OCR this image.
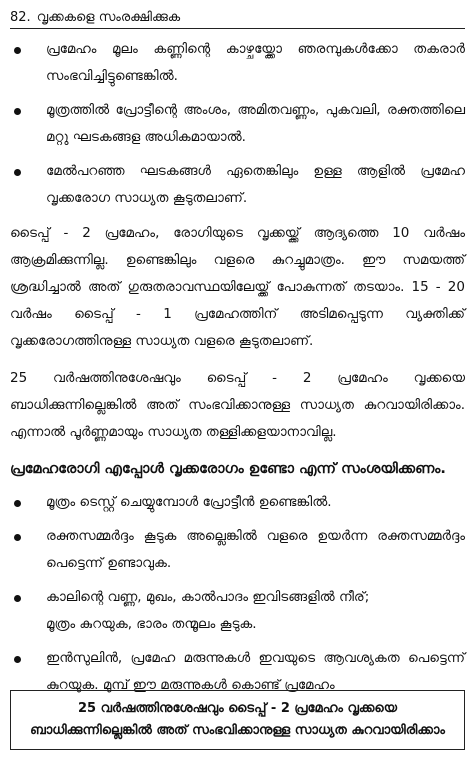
82. വൃക്കകളെ സംരക്ഷിക്കുക
പ്രമേഹം മൂലം കണ്ണിന്റെ കാഴ്ചയ്ക്കോ ഞരമ്പുകൾക്കോ തകരാർ സംഭവിച്ചിട്ടുണ്ടെങ്കിൽ.
മൂത്രത്തിൽ പ്രോട്ടീന്റെ അംശം, അമിതവണ്ണം, പുകവലി, രക്തത്തിലെ മറ്റു ഘടകങ്ങള അധികമായാൽ.
മേൽപറഞ്ഞ ഘടകങ്ങൾ ഏതെങ്കിലും ഉള്ള ആളിൽ പ്രമേഹ വൃക്കരോഗ സാധ്യത കൂടുതലാണ്.

ടൈപ്പ് - 2 പ്രമേഹം, രോഗിയുടെ വൃക്കയ്ക്ക് ആദ്യത്തെ 10 വർഷം ആക്രമിക്കുന്നില്ല. ഉണ്ടെങ്കിലും വളരെ കുറച്ചുമാത്രം. ഈ സമയത്ത് ശ്രദ്ധിച്ചാൽ അത് ഗുരുതരാവസ്ഥയിലേയ്ക്ക് പോകുന്നത് തടയാം. 15 - 20 വർഷം ടൈപ്പ് - 1 പ്രമേഹത്തിന് അടിമപ്പെടുന്ന വ്യക്തിക്ക് വൃക്കരോഗത്തിനുള്ള സാധ്യത വളരെ കൂടുതലാണ്.

25 വർഷത്തിനുശേഷവും ടൈപ്പ് - 2 പ്രമേഹം വൃക്കയെ ബാധിക്കുന്നില്ലെങ്കിൽ അത് സംഭവിക്കാനുള്ള സാധ്യത കുറവായിരിക്കാം. എന്നാൽ പൂർണ്ണമായും സാധ്യത തള്ളിക്കളയാനാവില്ല.

പ്രമേഹരോഗി എപ്പോൾ വൃക്കരോഗം ഉണ്ടോ എന്ന് സംശയിക്കണം.
മൂത്രം ടെസ്റ്റ് ചെയ്യുമ്പോൾ പ്രോട്ടീൻ ഉണ്ടെങ്കിൽ.
രക്തസമ്മർദ്ദം കൂടുക അല്ലെങ്കിൽ വളരെ ഉയർന്ന രക്തസമ്മർദ്ദം പെട്ടെന്ന് ഉണ്ടാവുക.
കാലിന്റെ വണ്ണ, മുഖം, കാൽപാദം ഇവിടങ്ങളിൽ നീര്;
മൂത്രം കുറയുക, ഭാരം തന്മൂലം കൂടുക.
ഇൻസുലിൻ, പ്രമേഹ മരുന്നുകൾ ഇവയുടെ ആവശ്യകത പെട്ടെന്ന് കുറയുക. മുമ്പ് ഈ മരുന്നുകൾ കൊണ്ട് പ്രമേഹം
25 വർഷത്തിനുശേഷവും ടൈപ്പ് - 2 പ്രമേഹം വൃക്കയെ
ബാധിക്കുന്നില്ലെങ്കിൽ അത് സംഭവിക്കാനുള്ള സാധ്യത കുറവായിരിക്കാം
